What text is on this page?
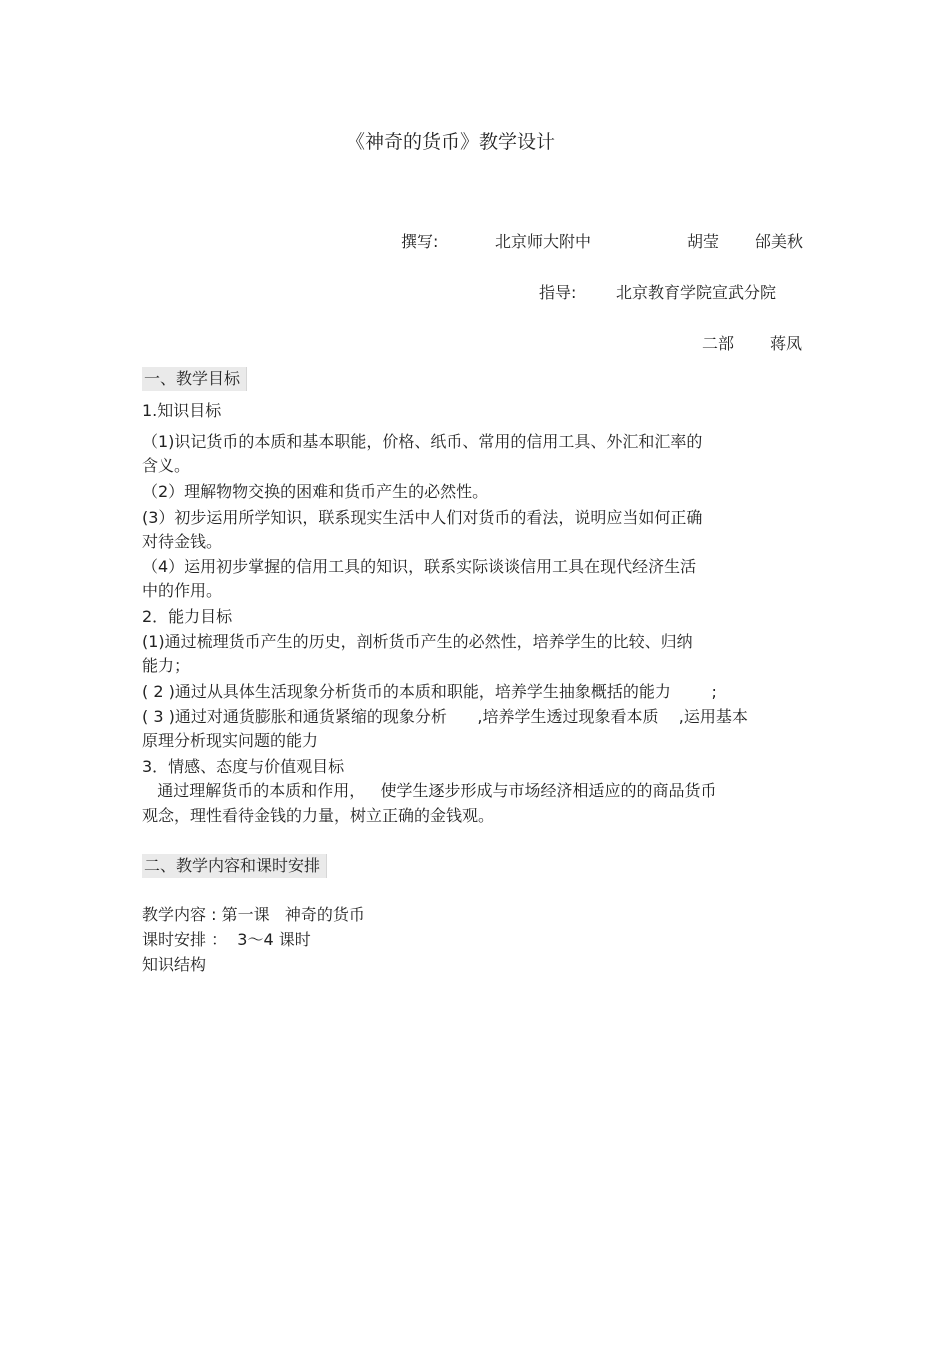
《神奇的货币》教学设计
撰写:	北京师大附中	胡莹 邰美秋
指导: 北京教育学院宣武分院
二部 蒋凤
一、教学目标
1.知识目标
（1)识记货币的本质和基本职能，价格、纸币、常用的信用工具、外汇和汇率的
含义。
（2）理解物物交换的困难和货币产生的必然性。
(3）初步运用所学知识，联系现实生活中人们对货币的看法，说明应当如何正确
对待金钱。
（4）运用初步掌握的信用工具的知识，联系实际谈谈信用工具在现代经济生活
中的作用。
2．能力目标
(1)通过梳理货币产生的历史，剖析货币产生的必然性，培养学生的比较、归纳
能力；
( 2 )通过从具体生活现象分析货币的本质和职能，培养学生抽象概括的能力        ;
( 3 )通过对通货膨胀和通货紧缩的现象分析      ,培养学生透过现象看本质    ,运用基本
原理分析现实问题的能力
3．情感、态度与价值观目标
通过理解货币的本质和作用，   使学生逐步形成与市场经济相适应的的商品货币
观念，理性看待金钱的力量，树立正确的金钱观。
二、教学内容和课时安排
教学内容 : 第一课   神奇的货币
课时安排 ：  3～4 课时
知识结构
